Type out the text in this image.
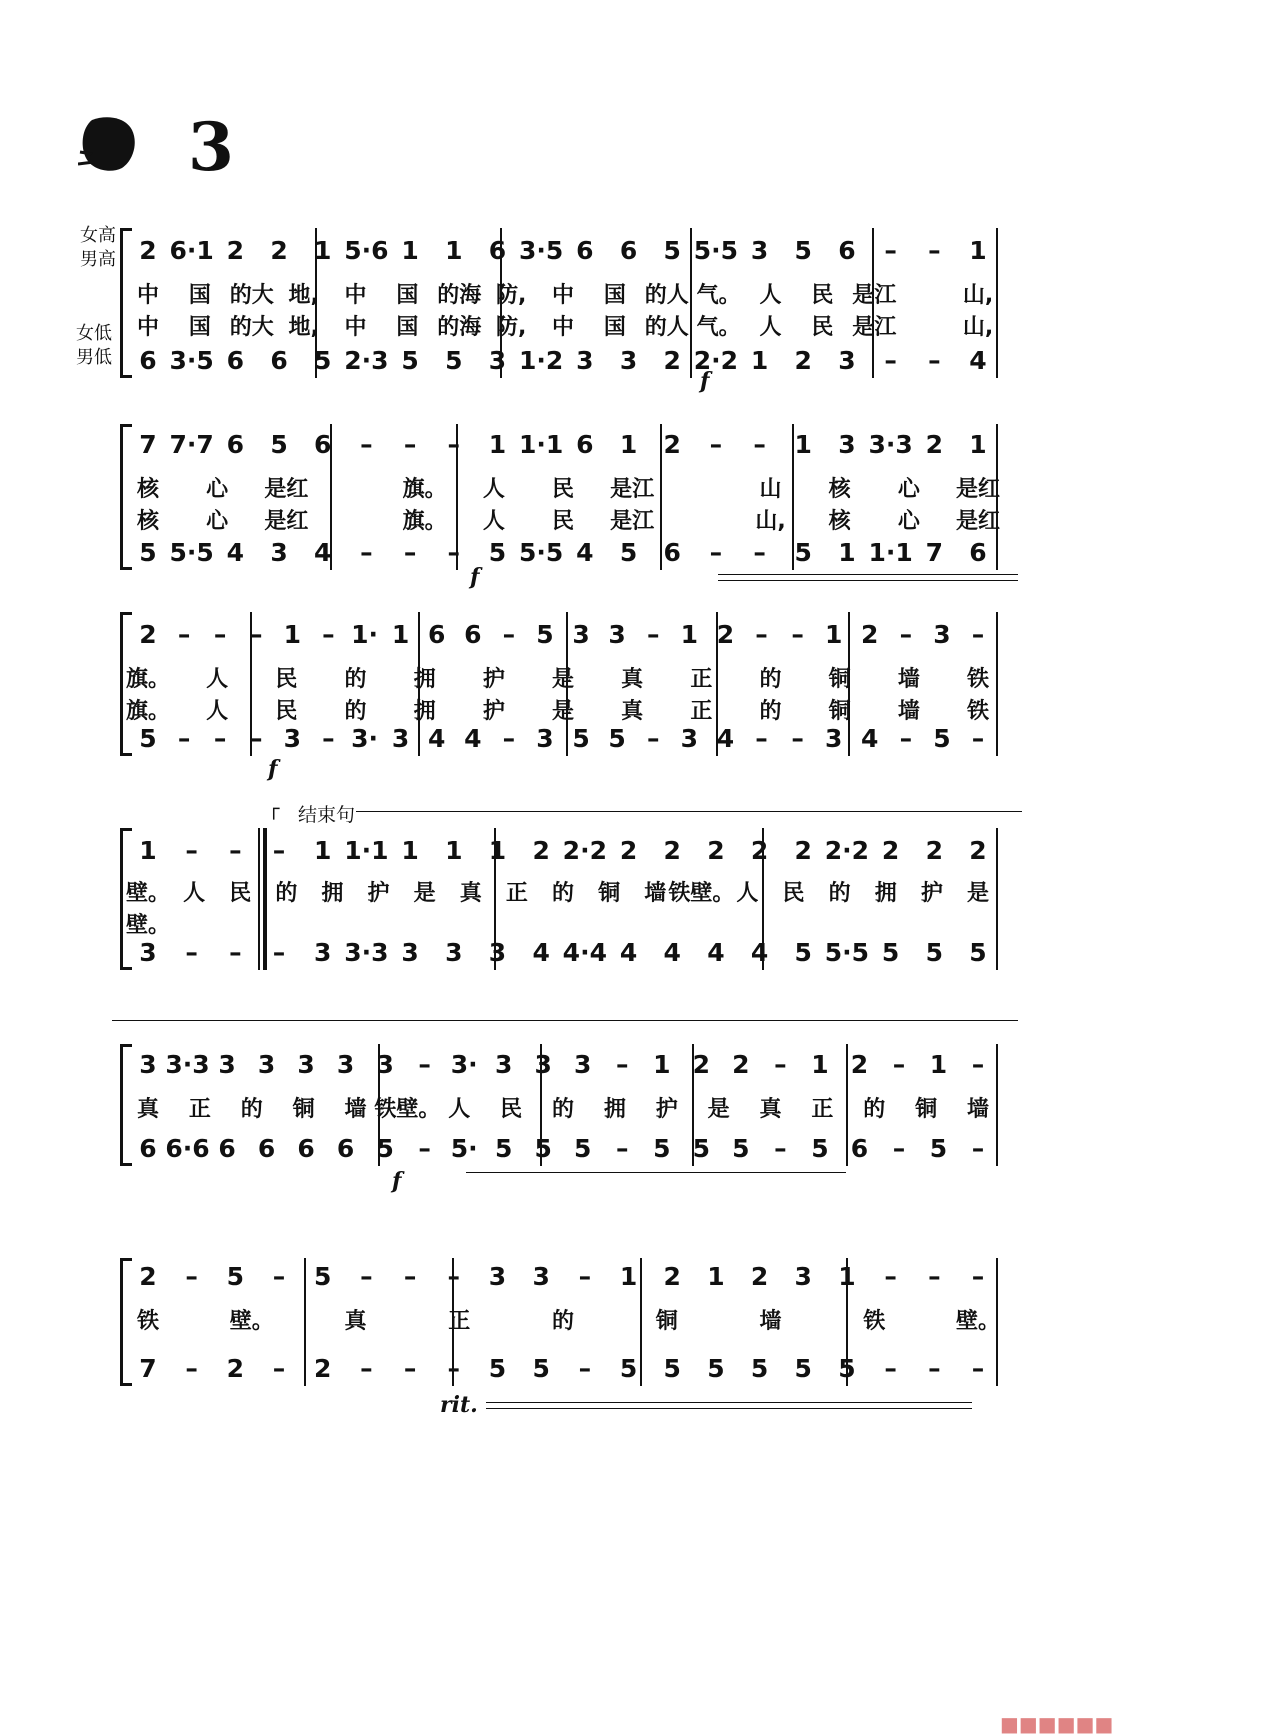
3
女高
男高
女低
男低
2 6·1 2 2 1 5·6 1 1 6 3·5 6 6 5 5·5 3 5 6 – – 1
中 国 的大 地, 中 国 的海 防, 中 国 的人 气。 人 民 是江	山,
中 国 的大 地, 中 国 的海 防, 中 国 的人 气。 人 民 是江	山,
6 3·5 6 6 5 2·3 5 5 3 1·2 3 3 2 2·2 1 2 3 – – 4
7 7·7 6 5 6 – – – 1 1·1 6 1 2 – – 1 3 3·3 2 1
核 心 是红	旗。 人 民 是江	山 核 心 是红
核 心 是红	旗。 人 民 是江	山, 核 心 是红
5 5·5 4 3 4 – – – 5 5·5 4 5 6 – – 5 1 1·1 7 6
2 – – – 1 – 1· 1 6 6 – 5 3 3 – 1 2 – – 1 2 – 3 –
旗。 人 民 的 拥 护 是 真 正 的 铜 墙 铁
旗。 人 民 的 拥 护 是 真 正 的 铜 墙 铁
5 – – – 3 – 3· 3 4 4 – 3 5 5 – 3 4 – – 3 4 – 5 –
1 – – – 1 1·1 1 1 1 2 2·2 2 2 2 2 2 2·2 2 2 2
壁。 人 民 的 拥 护 是 真 正 的 铜 墙 铁壁。 人 民 的 拥 护 是
壁。
3 – – – 3 3·3 3 3 3 4 4·4 4 4 4 4 5 5·5 5 5 5
3 3·3 3 3 3 3 3 – 3· 3 3 3 – 1 2 2 – 1 2 – 1 –
真 正 的 铜 墙 铁壁。 人 民 的 拥 护 是 真 正 的 铜 墙
6 6·6 6 6 6 6 5 – 5· 5 5 5 – 5 5 5 – 5 6 – 5 –
2 – 5 – 5 – – – 3 3 – 1 2 1 2 3 1 – – –
铁	壁。	真	正	的	铜	墙	铁	壁。
7 – 2 – 2 – – – 5 5 – 5 5 5 5 5 5 – – –
┌ 结束句
f
f
f
f
rit.
■■■■■■
